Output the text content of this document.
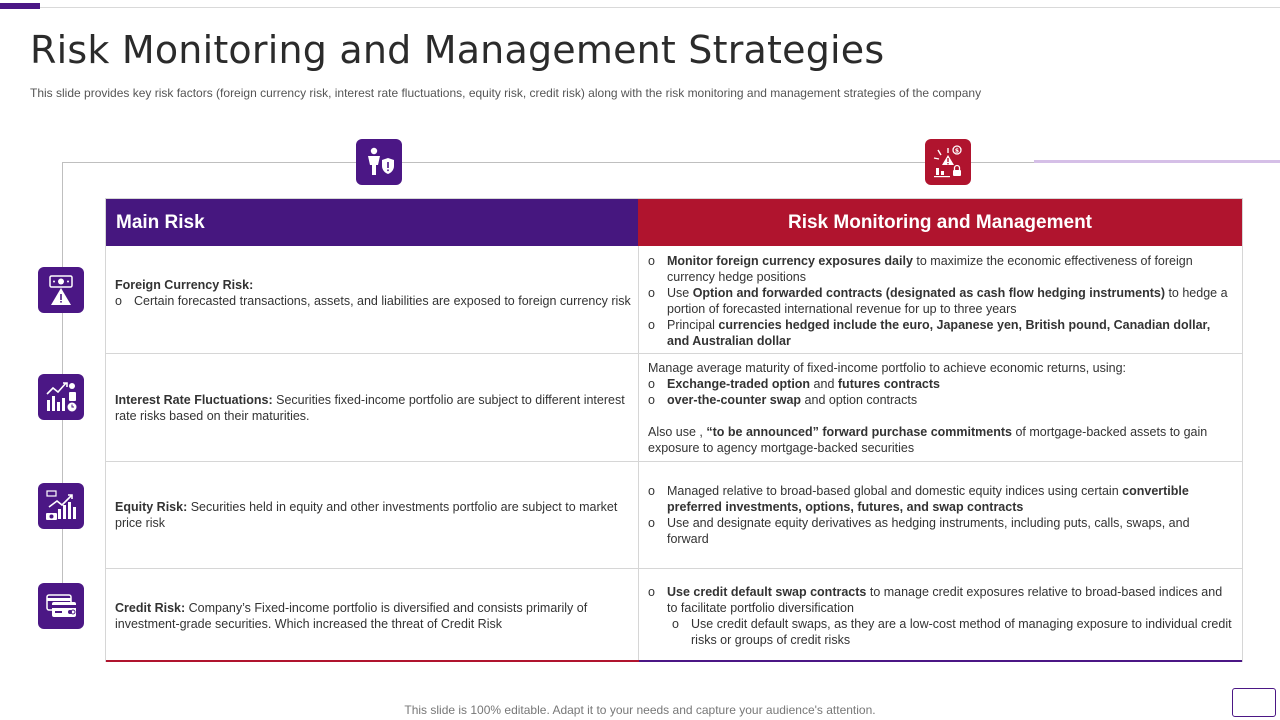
Risk Monitoring and Management Strategies
This slide provides key risk factors (foreign currency risk, interest rate fluctuations, equity risk, credit risk) along with the risk monitoring and management strategies of the company
$
Main Risk	Risk Monitoring and Management
Foreign Currency Risk:
o Certain forecasted transactions, assets, and liabilities are exposed to foreign currency risk
o Monitor foreign currency exposures daily to maximize the economic effectiveness of foreign currency hedge positions
o Use Option and forwarded contracts (designated as cash flow hedging instruments) to hedge a portion of forecasted international revenue for up to three years
o Principal currencies hedged include the euro, Japanese yen, British pound, Canadian dollar, and Australian dollar
Interest Rate Fluctuations: Securities fixed-income portfolio are subject to different interest rate risks based on their maturities.
Manage average maturity of fixed-income portfolio to achieve economic returns, using:
o Exchange-traded option and futures contracts
o over-the-counter swap and option contracts
Also use , “to be announced” forward purchase commitments of mortgage-backed assets to gain exposure to agency mortgage-backed securities
Equity Risk: Securities held in equity and other investments portfolio are subject to market price risk
o Managed relative to broad-based global and domestic equity indices using certain convertible preferred investments, options, futures, and swap contracts
o Use and designate equity derivatives as hedging instruments, including puts, calls, swaps, and forward
Credit Risk: Company’s Fixed-income portfolio is diversified and consists primarily of investment-grade securities. Which increased the threat of Credit Risk
o Use credit default swap contracts to manage credit exposures relative to broad-based indices and to facilitate portfolio diversification
o Use credit default swaps, as they are a low-cost method of managing exposure to individual credit risks or groups of credit risks
This slide is 100% editable. Adapt it to your needs and capture your audience's attention.
